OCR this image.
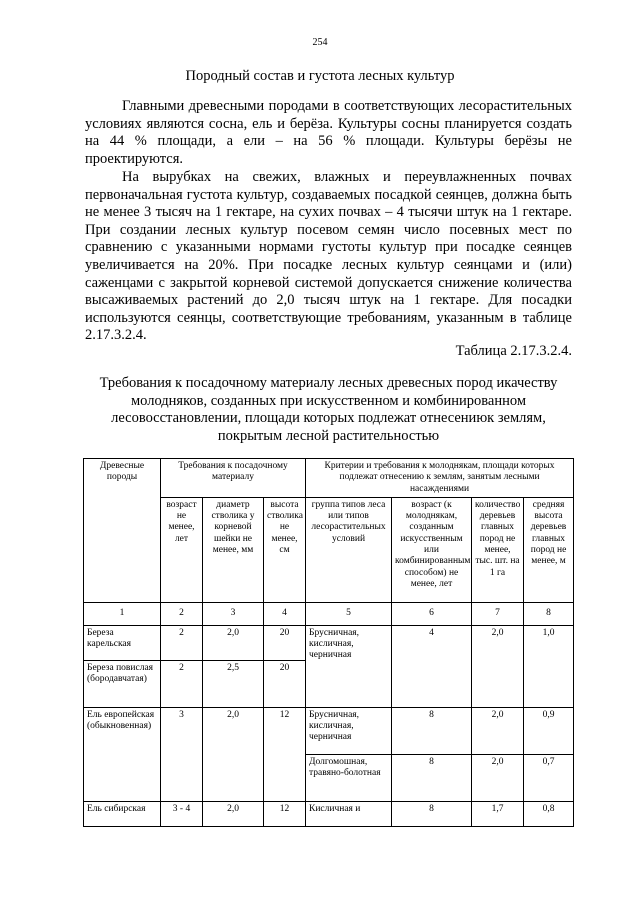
254
Породный состав и густота лесных культур

Главными древесными породами в соответствующих лесорастительных условиях являются сосна, ель и берёза. Культуры сосны планируется создать на 44 % площади, а ели – на 56 % площади. Культуры берёзы не проектируются.

На вырубках на свежих, влажных и переувлажненных почвах первоначальная густота культур, создаваемых посадкой сеянцев, должна быть не менее 3 тысяч на 1 гектаре, на сухих почвах – 4 тысячи штук на 1 гектаре. При создании лесных культур посевом семян число посевных мест по сравнению с указанными нормами густоты культур при посадке сеянцев увеличивается на 20%. При посадке лесных культур сеянцами и (или) саженцами с закрытой корневой системой допускается снижение количества высаживаемых растений до 2,0 тысяч штук на 1 гектаре. Для посадки используются сеянцы, соответствующие требованиям, указанным в таблице 2.17.3.2.4.

Таблица 2.17.3.2.4.

Требования к посадочному материалу лесных древесных пород икачеству молодняков, созданных при искусственном и комбинированном лесовосстановлении, площади которых подлежат отнесениюк землям, покрытым лесной растительностью

Древесные породы	Требования к посадочному материалу			Критерии и требования к молоднякам, площади которых подлежат отнесению к землям, занятым лесными насаждениями			
	возраст не менее, лет	диаметр стволика у корневой шейки не менее, мм	высота стволика не менее, см	группа типов леса или типов лесорастительных условий	возраст (к молоднякам, созданным искусственным или комбинированным способом) не менее, лет	количество деревьев главных пород не менее, тыс. шт. на 1 га	средняя высота деревьев главных пород не менее, м
1	2	3	4	5	6	7	8
Береза карельская	2	2,0	20	Брусничная, кисличная, черничная	4	2,0	1,0
Береза повислая (бородавчатая)	2	2,5	20				
Ель европейская (обыкновенная)	3	2,0	12	Брусничная, кисличная, черничная	8	2,0	0,9
				Долгомошная, травяно-болотная	8	2,0	0,7
Ель сибирская	3 - 4	2,0	12	Кисличная и	8	1,7	0,8
